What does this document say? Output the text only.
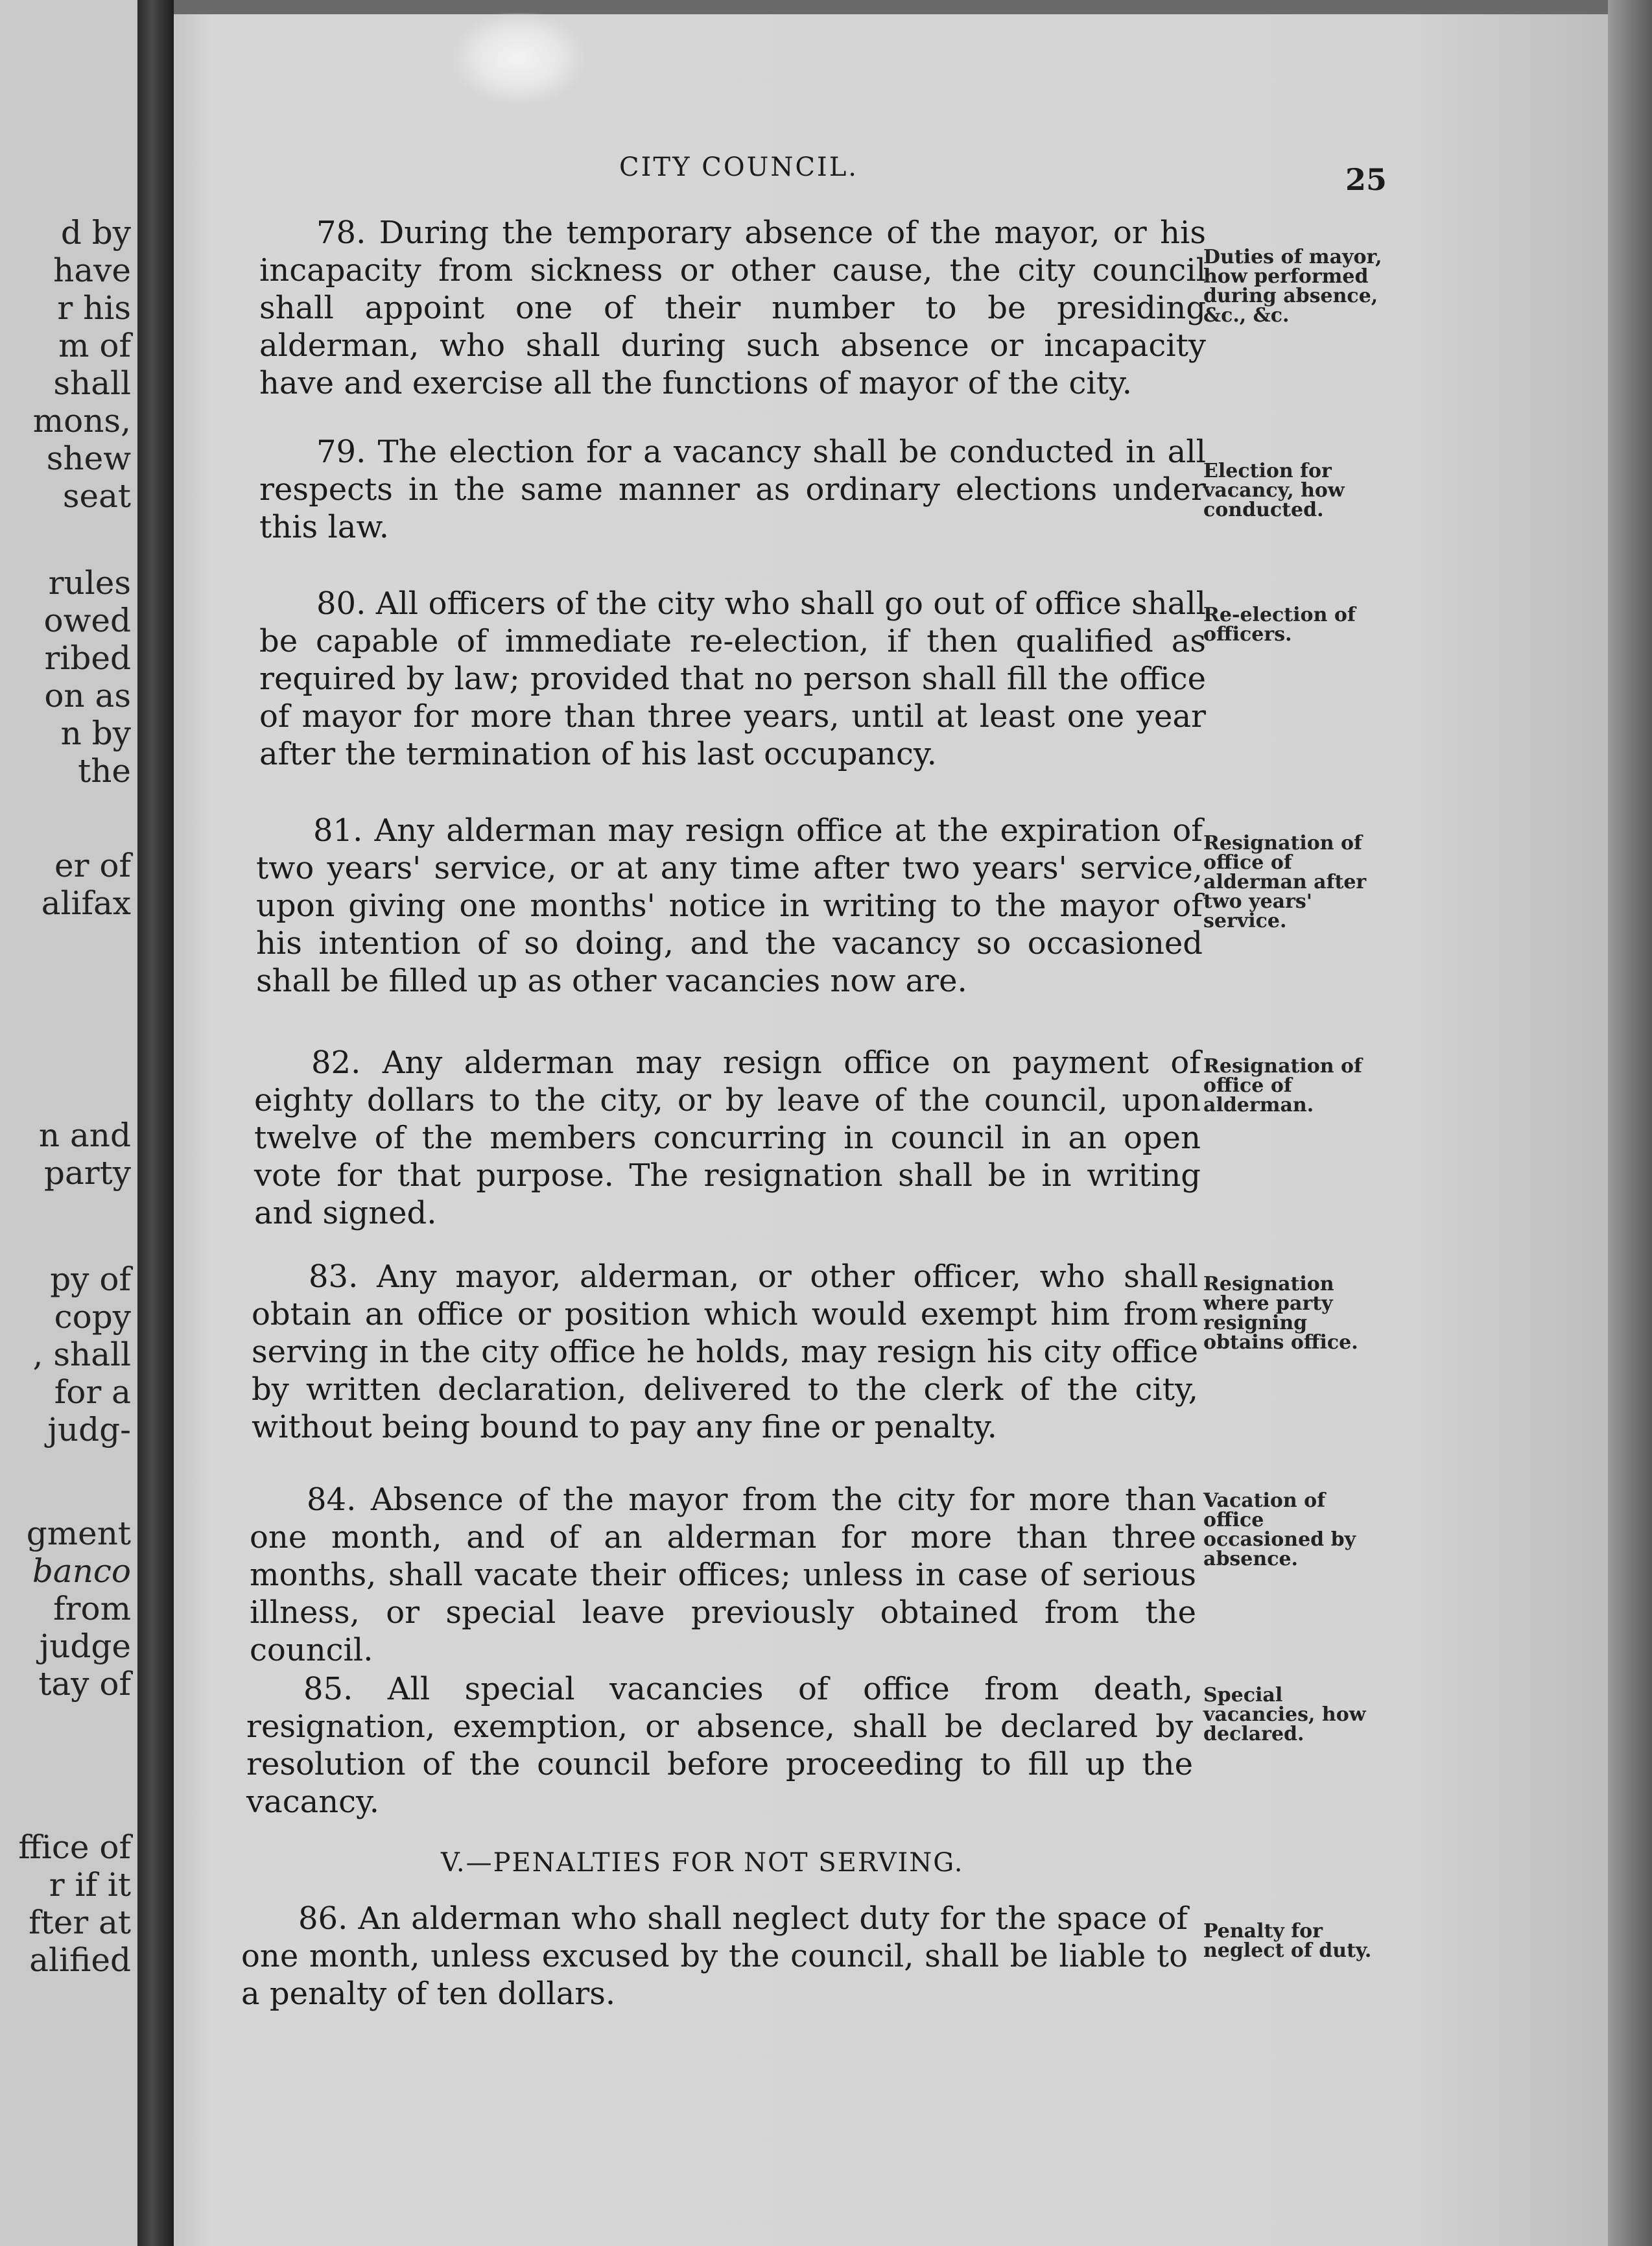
d by
have
r his
m of
shall
mons,
shew
seat
rules
owed
ribed
on as
n by
the
er of
alifax
n and
party
py of
copy
, shall
for a
judg-
gment
banco
from
judge
tay of
ffice of
r if it
fter at
alified
CITY COUNCIL.	25

78. During the temporary absence of the mayor, or his incapacity from sickness or other cause, the city council shall appoint one of their number to be presiding alderman, who shall during such absence or incapacity have and exercise all the functions of mayor of the city.

Duties of mayor, how performed during absence, &c., &c.

79. The election for a vacancy shall be conducted in all respects in the same manner as ordinary elections under this law.

Election for vacancy, how conducted.

80. All officers of the city who shall go out of office shall be capable of immediate re-election, if then qualified as required by law; provided that no person shall fill the office of mayor for more than three years, until at least one year after the termination of his last occupancy.

Re-election of officers.

81. Any alderman may resign office at the expiration of two years' service, or at any time after two years' service, upon giving one months' notice in writing to the mayor of his intention of so doing, and the vacancy so occasioned shall be filled up as other vacancies now are.

Resignation of office of alderman after two years' service.

82. Any alderman may resign office on payment of eighty dollars to the city, or by leave of the council, upon twelve of the members concurring in council in an open vote for that purpose. The resignation shall be in writing and signed.

Resignation of office of alderman.

83. Any mayor, alderman, or other officer, who shall obtain an office or position which would exempt him from serving in the city office he holds, may resign his city office by written declaration, delivered to the clerk of the city, without being bound to pay any fine or penalty.

Resignation where party resigning obtains office.

84. Absence of the mayor from the city for more than one month, and of an alderman for more than three months, shall vacate their offices; unless in case of serious illness, or special leave previously obtained from the council.

Vacation of office occasioned by absence.

85. All special vacancies of office from death, resignation, exemption, or absence, shall be declared by resolution of the council before proceeding to fill up the vacancy.

Special vacancies, how declared.

V.—PENALTIES FOR NOT SERVING.

86. An alderman who shall neglect duty for the space of one month, unless excused by the council, shall be liable to a penalty of ten dollars.

Penalty for neglect of duty.
